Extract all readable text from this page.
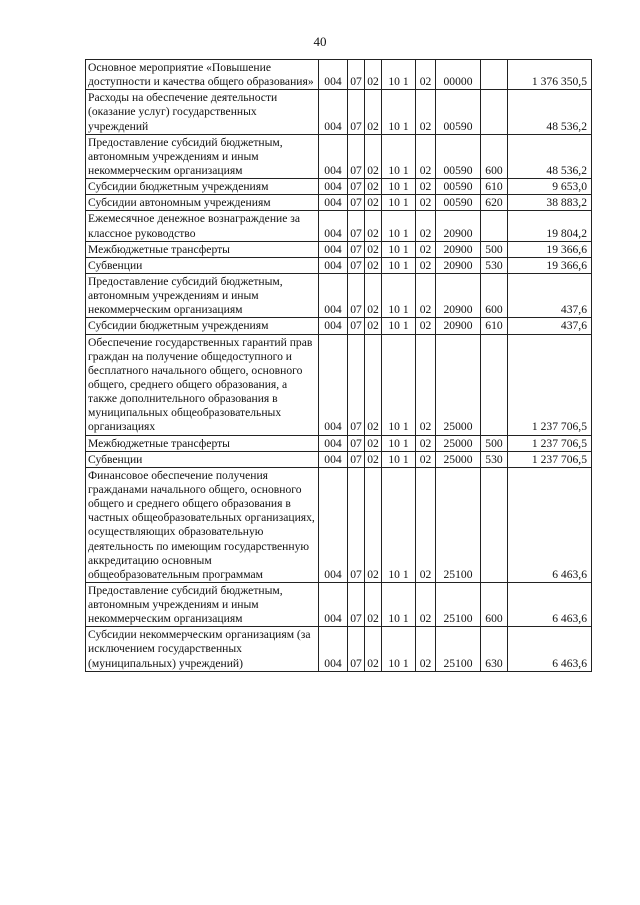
40
Основное мероприятие «Повышение доступности и качества общего образования»	004	07	02	10 1	02	00000		1 376 350,5
Расходы на обеспечение деятельности (оказание услуг) государственных учреждений	004	07	02	10 1	02	00590		48 536,2
Предоставление субсидий бюджетным, автономным учреждениям и иным некоммерческим организациям	004	07	02	10 1	02	00590	600	48 536,2
Субсидии бюджетным учреждениям	004	07	02	10 1	02	00590	610	9 653,0
Субсидии автономным учреждениям	004	07	02	10 1	02	00590	620	38 883,2
Ежемесячное денежное вознаграждение за классное руководство	004	07	02	10 1	02	20900		19 804,2
Межбюджетные трансферты	004	07	02	10 1	02	20900	500	19 366,6
Субвенции	004	07	02	10 1	02	20900	530	19 366,6
Предоставление субсидий бюджетным, автономным учреждениям и иным некоммерческим организациям	004	07	02	10 1	02	20900	600	437,6
Субсидии бюджетным учреждениям	004	07	02	10 1	02	20900	610	437,6
Обеспечение государственных гарантий прав граждан на получение общедоступного и бесплатного начального общего, основного общего, среднего общего образования, а также дополнительного образования в муниципальных общеобразовательных организациях	004	07	02	10 1	02	25000		1 237 706,5
Межбюджетные трансферты	004	07	02	10 1	02	25000	500	1 237 706,5
Субвенции	004	07	02	10 1	02	25000	530	1 237 706,5
Финансовое обеспечение получения гражданами начального общего, основного общего и среднего общего образования в частных общеобразовательных организациях, осуществляющих образовательную деятельность по имеющим государственную аккредитацию основным общеобразовательным программам	004	07	02	10 1	02	25100		6 463,6
Предоставление субсидий бюджетным, автономным учреждениям и иным некоммерческим организациям	004	07	02	10 1	02	25100	600	6 463,6
Субсидии некоммерческим организациям (за исключением государственных (муниципальных) учреждений)	004	07	02	10 1	02	25100	630	6 463,6
